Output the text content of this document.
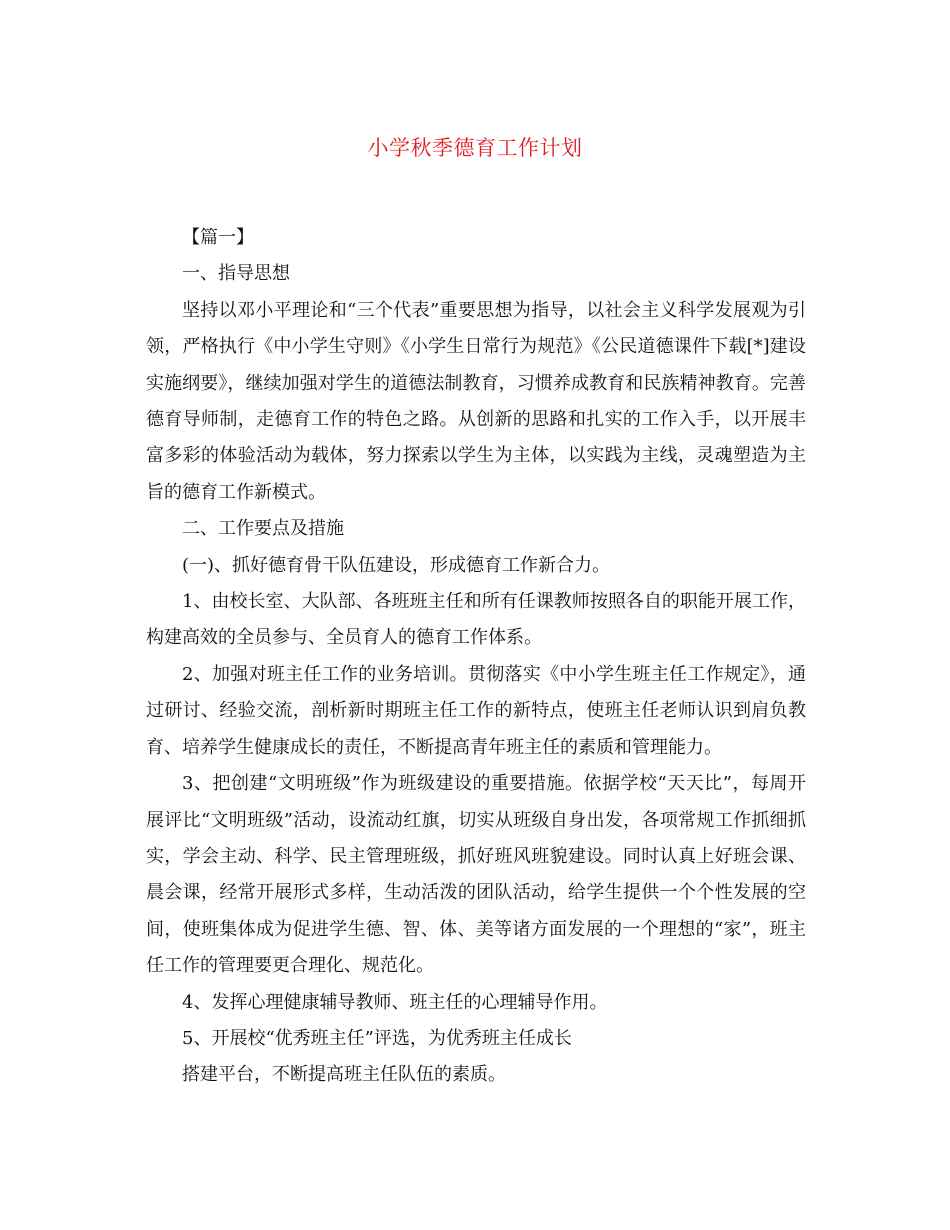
小学秋季德育工作计划

【篇一】

一、指导思想

坚持以邓小平理论和“三个代表”重要思想为指导，以社会主义科学发展观为引领，严格执行《中小学生守则》《小学生日常行为规范》《公民道德课件下载[*]建设实施纲要》，继续加强对学生的道德法制教育，习惯养成教育和民族精神教育。完善德育导师制，走德育工作的特色之路。从创新的思路和扎实的工作入手，以开展丰富多彩的体验活动为载体，努力探索以学生为主体，以实践为主线，灵魂塑造为主旨的德育工作新模式。

二、工作要点及措施

(一)、抓好德育骨干队伍建设，形成德育工作新合力。

1、由校长室、大队部、各班班主任和所有任课教师按照各自的职能开展工作，构建高效的全员参与、全员育人的德育工作体系。

2、加强对班主任工作的业务培训。贯彻落实《中小学生班主任工作规定》，通过研讨、经验交流，剖析新时期班主任工作的新特点，使班主任老师认识到肩负教育、培养学生健康成长的责任，不断提高青年班主任的素质和管理能力。

3、把创建“文明班级”作为班级建设的重要措施。依据学校“天天比”，每周开展评比“文明班级”活动，设流动红旗，切实从班级自身出发，各项常规工作抓细抓实，学会主动、科学、民主管理班级，抓好班风班貌建设。同时认真上好班会课、晨会课，经常开展形式多样，生动活泼的团队活动，给学生提供一个个性发展的空间，使班集体成为促进学生德、智、体、美等诸方面发展的一个理想的“家”，班主任工作的管理要更合理化、规范化。

4、发挥心理健康辅导教师、班主任的心理辅导作用。

5、开展校“优秀班主任”评选，为优秀班主任成长

搭建平台，不断提高班主任队伍的素质。
